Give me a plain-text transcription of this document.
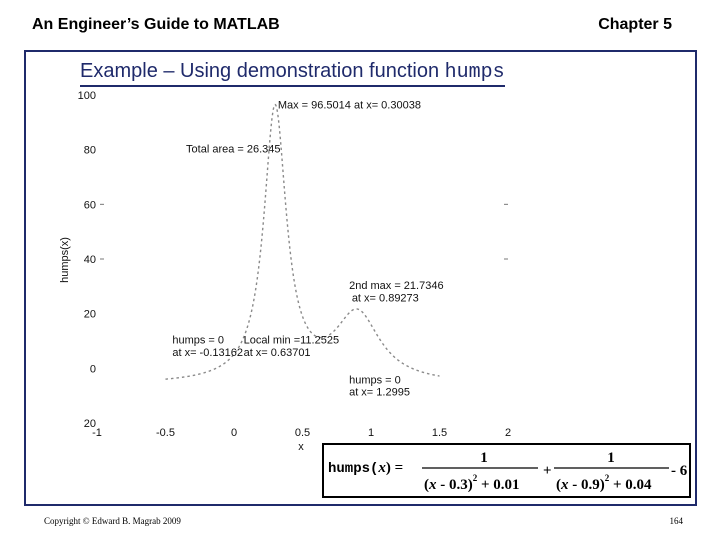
An Engineer’s Guide to MATLAB	Chapter 5
Example – Using demonstration function humps
100
80
60
40
20
0
20
-1	-0.5	0	0.5	1	1.5	2
Max = 96.5014 at x= 0.30038
Total area = 26.345
2nd max = 21.7346
at x= 0.89273
humps = 0
at x= -0.13162
Local min =11.2525
at x= 0.63701
humps = 0
at x= 1.2995
humps(x)
x
humps(x) =
1
(x - 0.3)$^2$ + 0.01
+
1
(x - 0.9)$^2$ + 0.04
- 6
Copyright © Edward B. Magrab 2009	164
